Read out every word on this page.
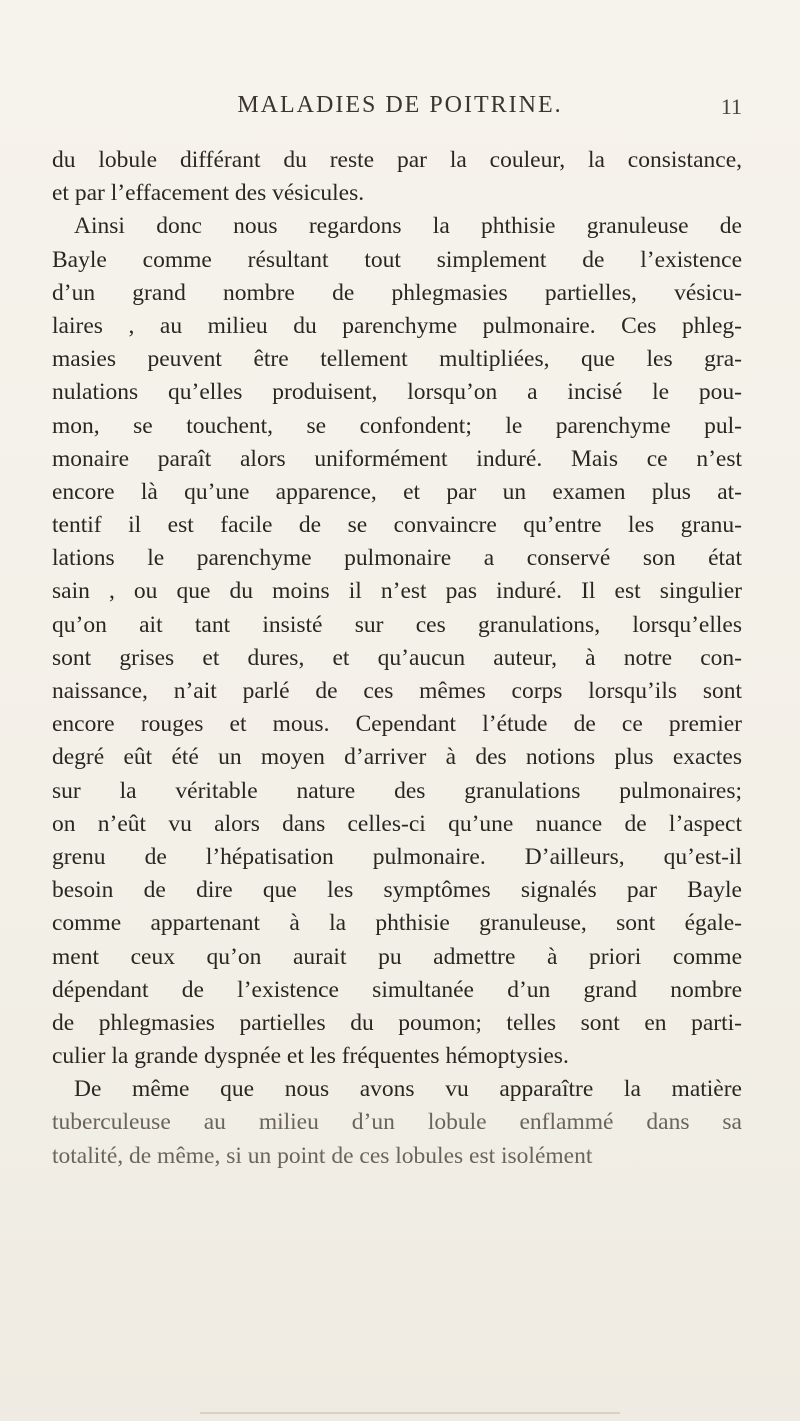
MALADIES DE POITRINE.	11
du lobule différant du reste par la couleur, la consistance,
et par l’effacement des vésicules.
Ainsi donc nous regardons la phthisie granuleuse de
Bayle comme résultant tout simplement de l’existence
d’un grand nombre de phlegmasies partielles, vésicu-
laires , au milieu du parenchyme pulmonaire. Ces phleg-
masies peuvent être tellement multipliées, que les gra-
nulations qu’elles produisent, lorsqu’on a incisé le pou-
mon, se touchent, se confondent; le parenchyme pul-
monaire paraît alors uniformément induré. Mais ce n’est
encore là qu’une apparence, et par un examen plus at-
tentif il est facile de se convaincre qu’entre les granu-
lations le parenchyme pulmonaire a conservé son état
sain , ou que du moins il n’est pas induré. Il est singulier
qu’on ait tant insisté sur ces granulations, lorsqu’elles
sont grises et dures, et qu’aucun auteur, à notre con-
naissance, n’ait parlé de ces mêmes corps lorsqu’ils sont
encore rouges et mous. Cependant l’étude de ce premier
degré eût été un moyen d’arriver à des notions plus exactes
sur la véritable nature des granulations pulmonaires;
on n’eût vu alors dans celles-ci qu’une nuance de l’aspect
grenu de l’hépatisation pulmonaire. D’ailleurs, qu’est-il
besoin de dire que les symptômes signalés par Bayle
comme appartenant à la phthisie granuleuse, sont égale-
ment ceux qu’on aurait pu admettre à priori comme
dépendant de l’existence simultanée d’un grand nombre
de phlegmasies partielles du poumon; telles sont en parti-
culier la grande dyspnée et les fréquentes hémoptysies.
De même que nous avons vu apparaître la matière
tuberculeuse au milieu d’un lobule enflammé dans sa
totalité, de même, si un point de ces lobules est isolément
